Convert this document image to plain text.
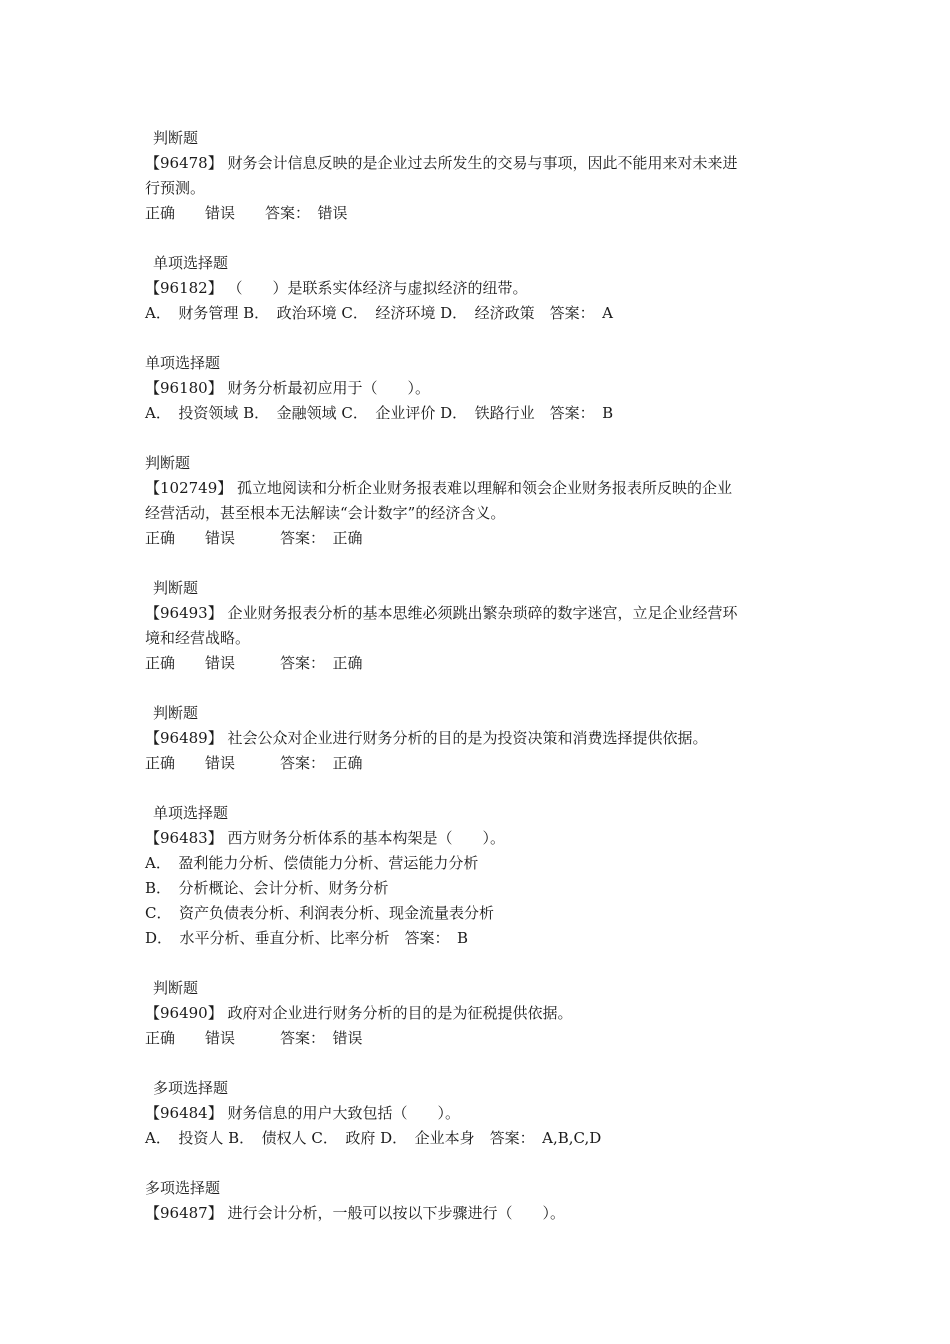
判断题
【96478】 财务会计信息反映的是企业过去所发生的交易与事项，因此不能用来对未来进
行预测。
正确　　错误　　答案：　错误
单项选择题
【96182】 （　　）是联系实体经济与虚拟经济的纽带。
A．　财务管理 B．　政治环境 C．　经济环境 D．　经济政策　答案：　A
单项选择题
【96180】 财务分析最初应用于（　　）。
A．　投资领域 B．　金融领域 C．　企业评价 D．　铁路行业　答案：　B
判断题
【102749】 孤立地阅读和分析企业财务报表难以理解和领会企业财务报表所反映的企业
经营活动，甚至根本无法解读“会计数字”的经济含义。
正确　　错误　　　答案：　正确
判断题
【96493】 企业财务报表分析的基本思维必须跳出繁杂琐碎的数字迷宫，立足企业经营环
境和经营战略。
正确　　错误　　　答案：　正确
判断题
【96489】 社会公众对企业进行财务分析的目的是为投资决策和消费选择提供依据。
正确　　错误　　　答案：　正确
单项选择题
【96483】 西方财务分析体系的基本构架是（　　）。
A．　盈利能力分析、偿债能力分析、营运能力分析
B．　分析概论、会计分析、财务分析
C．　资产负债表分析、利润表分析、现金流量表分析
D．　水平分析、垂直分析、比率分析　答案：　B
判断题
【96490】 政府对企业进行财务分析的目的是为征税提供依据。
正确　　错误　　　答案：　错误
多项选择题
【96484】 财务信息的用户大致包括（　　）。
A．　投资人 B．　债权人 C．　政府 D．　企业本身　答案：　A,B,C,D
多项选择题
【96487】 进行会计分析，一般可以按以下步骤进行（　　）。
